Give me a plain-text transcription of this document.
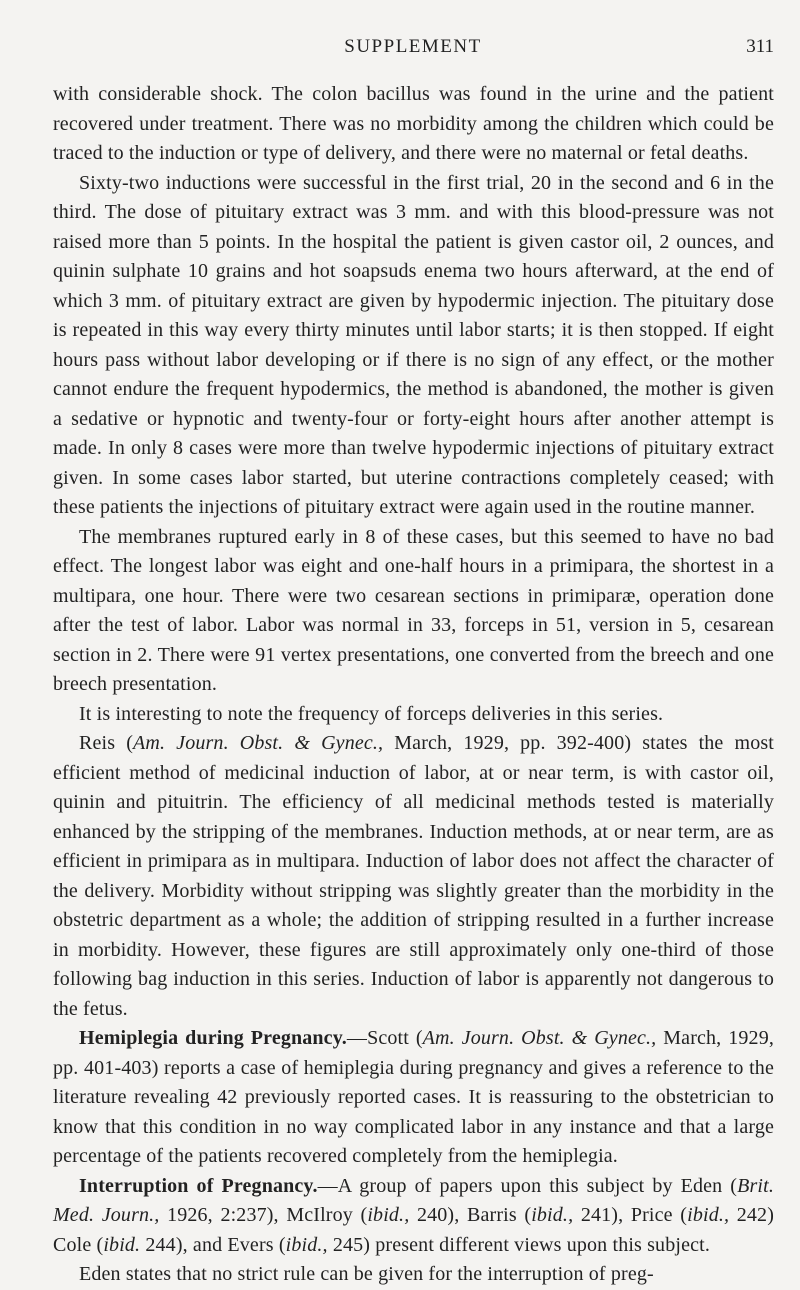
SUPPLEMENT	311

with considerable shock. The colon bacillus was found in the urine and the patient recovered under treatment. There was no morbidity among the children which could be traced to the induction or type of delivery, and there were no maternal or fetal deaths.

Sixty-two inductions were successful in the first trial, 20 in the second and 6 in the third. The dose of pituitary extract was 3 mm. and with this blood-pressure was not raised more than 5 points. In the hospital the patient is given castor oil, 2 ounces, and quinin sulphate 10 grains and hot soapsuds enema two hours afterward, at the end of which 3 mm. of pituitary extract are given by hypodermic injection. The pituitary dose is repeated in this way every thirty minutes until labor starts; it is then stopped. If eight hours pass without labor developing or if there is no sign of any effect, or the mother cannot endure the frequent hypodermics, the method is abandoned, the mother is given a sedative or hypnotic and twenty-four or forty-eight hours after another attempt is made. In only 8 cases were more than twelve hypodermic injections of pituitary extract given. In some cases labor started, but uterine contractions completely ceased; with these patients the injections of pituitary extract were again used in the routine manner.

The membranes ruptured early in 8 of these cases, but this seemed to have no bad effect. The longest labor was eight and one-half hours in a primipara, the shortest in a multipara, one hour. There were two cesarean sections in primiparæ, operation done after the test of labor. Labor was normal in 33, forceps in 51, version in 5, cesarean section in 2. There were 91 vertex presentations, one converted from the breech and one breech presentation.

It is interesting to note the frequency of forceps deliveries in this series.

Reis (Am. Journ. Obst. & Gynec., March, 1929, pp. 392-400) states the most efficient method of medicinal induction of labor, at or near term, is with castor oil, quinin and pituitrin. The efficiency of all medicinal methods tested is materially enhanced by the stripping of the membranes. Induction methods, at or near term, are as efficient in primipara as in multipara. Induction of labor does not affect the character of the delivery. Morbidity without stripping was slightly greater than the morbidity in the obstetric department as a whole; the addition of stripping resulted in a further increase in morbidity. However, these figures are still approximately only one-third of those following bag induction in this series. Induction of labor is apparently not dangerous to the fetus.

Hemiplegia during Pregnancy.—Scott (Am. Journ. Obst. & Gynec., March, 1929, pp. 401-403) reports a case of hemiplegia during pregnancy and gives a reference to the literature revealing 42 previously reported cases. It is reassuring to the obstetrician to know that this condition in no way complicated labor in any instance and that a large percentage of the patients recovered completely from the hemiplegia.

Interruption of Pregnancy.—A group of papers upon this subject by Eden (Brit. Med. Journ., 1926, 2:237), McIlroy (ibid., 240), Barris (ibid., 241), Price (ibid., 242) Cole (ibid. 244), and Evers (ibid., 245) present different views upon this subject.

Eden states that no strict rule can be given for the interruption of preg-
